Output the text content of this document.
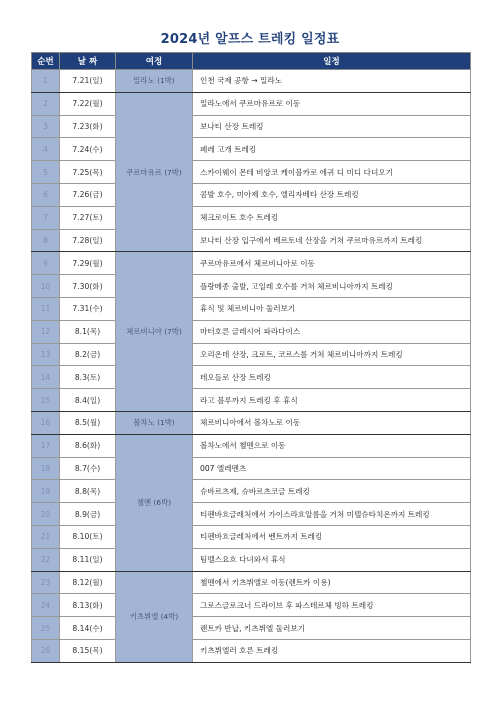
2024년 알프스 트레킹 일정표
순번	날 짜	여정	일정
1	7.21(일)	밀라노 (1박)	인천 국제 공항 → 밀라노
2	7.22(월)	쿠르마유르 (7박)	밀라노에서 쿠르마유르로 이동
3	7.23(화)		보나티 산장 트레킹
4	7.24(수)		페레 고개 트레킹
5	7.25(목)		스카이웨이 몬테 비앙코 케이블카로 에귀 디 미디 다녀오기
6	7.26(금)		콤발 호수, 미아제 호수, 엘리자베타 산장 트레킹
7	7.27(토)		체크로이트 호수 트레킹
8	7.28(일)		보나티 산장 입구에서 베르토네 산장을 거쳐 쿠르마유르까지 트레킹
9	7.29(월)	체르비니아 (7박)	쿠르마유르에서 체르비니아로 이동
10	7.30(화)		플랑메종 출발, 고일레 호수를 거쳐 체르비니아까지 트레킹
11	7.31(수)		휴식 및 체르비니아 둘러보기
12	8.1(목)		마터호른 글레시어 파라다이스
13	8.2(금)		오리온데 산장, 크로트, 코르스를 거쳐 체르비니아까지 트레킹
14	8.3(토)		테오들로 산장 트레킹
15	8.4(일)		라고 블루까지 트레킹 후 휴식
16	8.5(월)	볼차노 (1박)	체르비니아에서 볼차노로 이동
17	8.6(화)	첼멘 (6박)	볼차노에서 첼멘으로 이동
18	8.7(수)		007 엘레멘츠
19	8.8(목)		슈바르츠제, 슈바르츠코글 트레킹
20	8.9(금)		티펜바흐글레처에서 가이스라흐알름을 거쳐 미텔슈타치온까지 트레킹
21	8.10(토)		티펜바흐글레처에서 벤트까지 트레킹
22	8.11(일)		팀멜스요흐 다녀와서 휴식
23	8.12(월)	키츠뷔엘 (4박)	첼멘에서 키츠뷔엘로 이동(렌트카 이용)
24	8.13(화)		그로스글로크너 드라이브 후 파스테르체 빙하 트레킹
25	8.14(수)		렌트카 반납, 키츠뷔엘 둘러보기
26	8.15(목)		키츠뷔엘러 호른 트레킹
